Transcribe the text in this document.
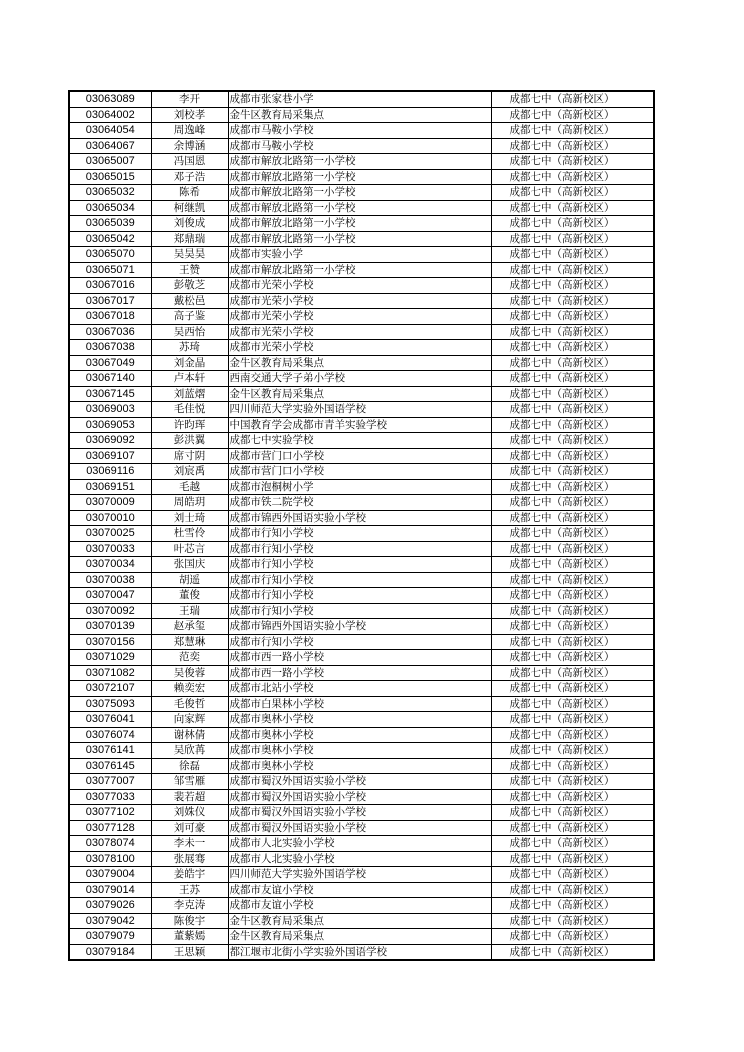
03063089	李开	成都市张家巷小学	成都七中（高新校区）
03064002	刘校孝	金牛区教育局采集点	成都七中（高新校区）
03064054	周逸峰	成都市马鞍小学校	成都七中（高新校区）
03064067	余博涵	成都市马鞍小学校	成都七中（高新校区）
03065007	冯国恩	成都市解放北路第一小学校	成都七中（高新校区）
03065015	邓子浩	成都市解放北路第一小学校	成都七中（高新校区）
03065032	陈希	成都市解放北路第一小学校	成都七中（高新校区）
03065034	柯继凯	成都市解放北路第一小学校	成都七中（高新校区）
03065039	刘俊成	成都市解放北路第一小学校	成都七中（高新校区）
03065042	郑鼎瑞	成都市解放北路第一小学校	成都七中（高新校区）
03065070	吴昊昊	成都市实验小学	成都七中（高新校区）
03065071	王赞	成都市解放北路第一小学校	成都七中（高新校区）
03067016	彭敬芝	成都市光荣小学校	成都七中（高新校区）
03067017	戴松邑	成都市光荣小学校	成都七中（高新校区）
03067018	高子鉴	成都市光荣小学校	成都七中（高新校区）
03067036	吴西怡	成都市光荣小学校	成都七中（高新校区）
03067038	苏琦	成都市光荣小学校	成都七中（高新校区）
03067049	刘金晶	金牛区教育局采集点	成都七中（高新校区）
03067140	卢本轩	西南交通大学子弟小学校	成都七中（高新校区）
03067145	刘蓝熠	金牛区教育局采集点	成都七中（高新校区）
03069003	毛佳悦	四川师范大学实验外国语学校	成都七中（高新校区）
03069053	许昀珲	中国教育学会成都市青羊实验学校	成都七中（高新校区）
03069092	彭洪翼	成都七中实验学校	成都七中（高新校区）
03069107	席寸阴	成都市营门口小学校	成都七中（高新校区）
03069116	刘宸禹	成都市营门口小学校	成都七中（高新校区）
03069151	毛越	成都市泡桐树小学	成都七中（高新校区）
03070009	周皓玥	成都市铁二院学校	成都七中（高新校区）
03070010	刘士琦	成都市锦西外国语实验小学校	成都七中（高新校区）
03070025	杜雪伶	成都市行知小学校	成都七中（高新校区）
03070033	叶芯言	成都市行知小学校	成都七中（高新校区）
03070034	张国庆	成都市行知小学校	成都七中（高新校区）
03070038	胡遥	成都市行知小学校	成都七中（高新校区）
03070047	董俊	成都市行知小学校	成都七中（高新校区）
03070092	王瑞	成都市行知小学校	成都七中（高新校区）
03070139	赵承玺	成都市锦西外国语实验小学校	成都七中（高新校区）
03070156	郑慧琳	成都市行知小学校	成都七中（高新校区）
03071029	范奕	成都市西一路小学校	成都七中（高新校区）
03071082	吴俊蓉	成都市西一路小学校	成都七中（高新校区）
03072107	赖奕宏	成都市北站小学校	成都七中（高新校区）
03075093	毛俊哲	成都市白果林小学校	成都七中（高新校区）
03076041	向家辉	成都市奥林小学校	成都七中（高新校区）
03076074	谢林倩	成都市奥林小学校	成都七中（高新校区）
03076141	吴欣苒	成都市奥林小学校	成都七中（高新校区）
03076145	徐磊	成都市奥林小学校	成都七中（高新校区）
03077007	邹雪雁	成都市蜀汉外国语实验小学校	成都七中（高新校区）
03077033	裴若超	成都市蜀汉外国语实验小学校	成都七中（高新校区）
03077102	刘姝仪	成都市蜀汉外国语实验小学校	成都七中（高新校区）
03077128	刘可豪	成都市蜀汉外国语实验小学校	成都七中（高新校区）
03078074	李未一	成都市人北实验小学校	成都七中（高新校区）
03078100	张展骞	成都市人北实验小学校	成都七中（高新校区）
03079004	姜皓宇	四川师范大学实验外国语学校	成都七中（高新校区）
03079014	王苏	成都市友谊小学校	成都七中（高新校区）
03079026	李克涛	成都市友谊小学校	成都七中（高新校区）
03079042	陈俊宇	金牛区教育局采集点	成都七中（高新校区）
03079079	董紫嫣	金牛区教育局采集点	成都七中（高新校区）
03079184	王思颖	都江堰市北街小学实验外国语学校	成都七中（高新校区）
